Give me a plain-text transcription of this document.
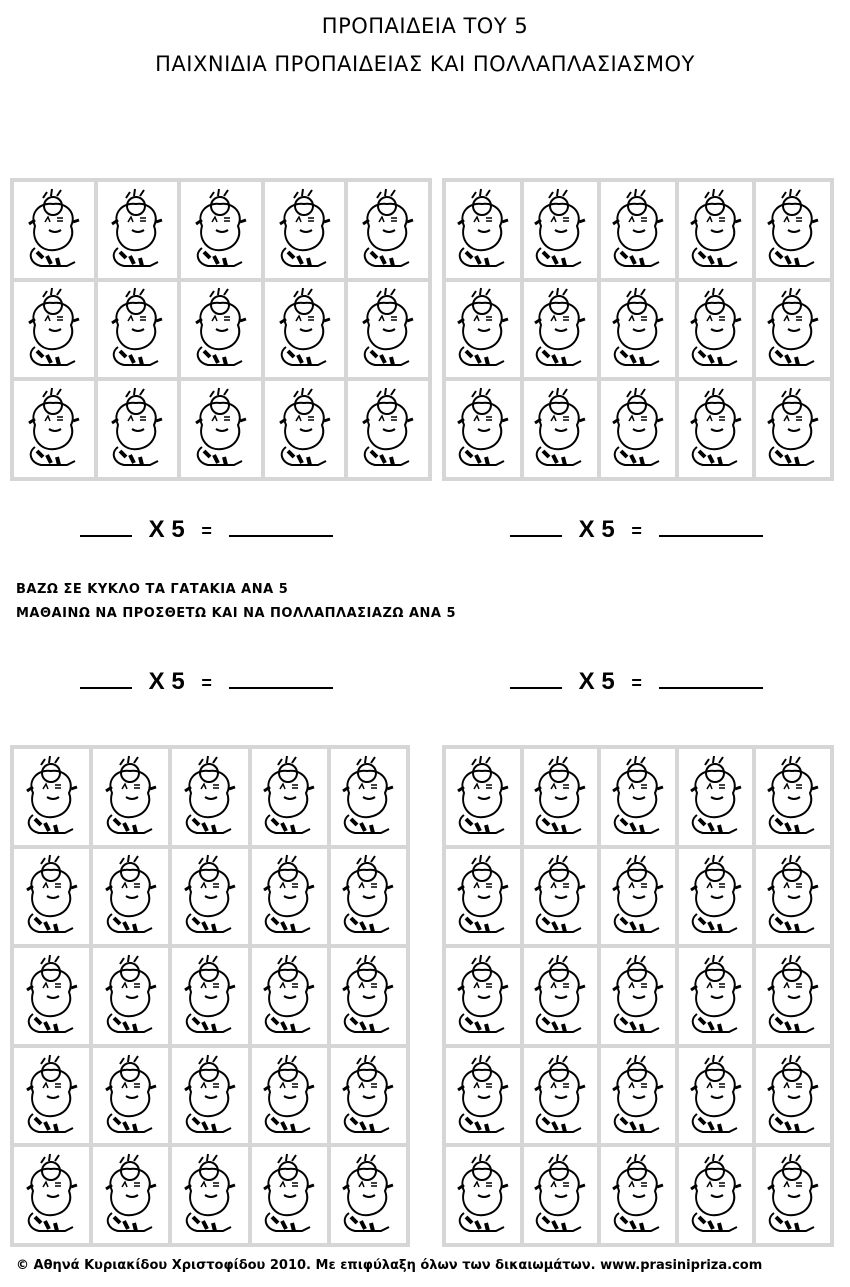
ΠΡΟΠΑΙΔΕΙΑ ΤΟΥ 5
ΠΑΙΧΝΙΔΙΑ ΠΡΟΠΑΙΔΕΙΑΣ ΚΑΙ ΠΟΛΛΑΠΛΑΣΙΑΣΜΟΥ
X 5 =	X 5 =
ΒΑΖΩ ΣΕ ΚΥΚΛΟ ΤΑ ΓΑΤΑΚΙΑ ΑΝΑ 5
ΜΑΘΑΙΝΩ ΝΑ ΠΡΟΣΘΕΤΩ ΚΑΙ ΝΑ ΠΟΛΛΑΠΛΑΣΙΑΖΩ ΑΝΑ 5
X 5 =	X 5 =
© Αθηνά Κυριακίδου Χριστοφίδου 2010. Με επιφύλαξη όλων των δικαιωμάτων. www.prasinipriza.com
